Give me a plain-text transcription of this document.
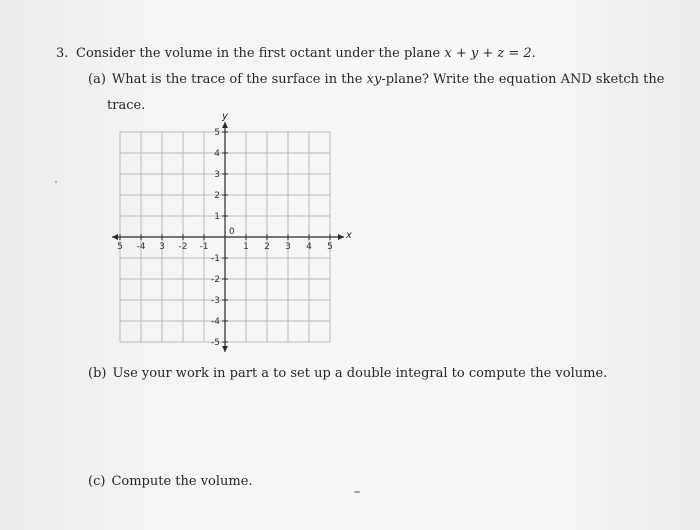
3. Consider the volume in the first octant under the plane x + y + z = 2.
(a) What is the trace of the surface in the xy-plane? Write the equation AND sketch the
trace.
x
y
5 -4 3 -2 -1	1 2 3 4 5
5
4
3
2
1
-1
-2
-3
-4
-5
0
(b) Use your work in part a to set up a double integral to compute the volume.
(c) Compute the volume.
